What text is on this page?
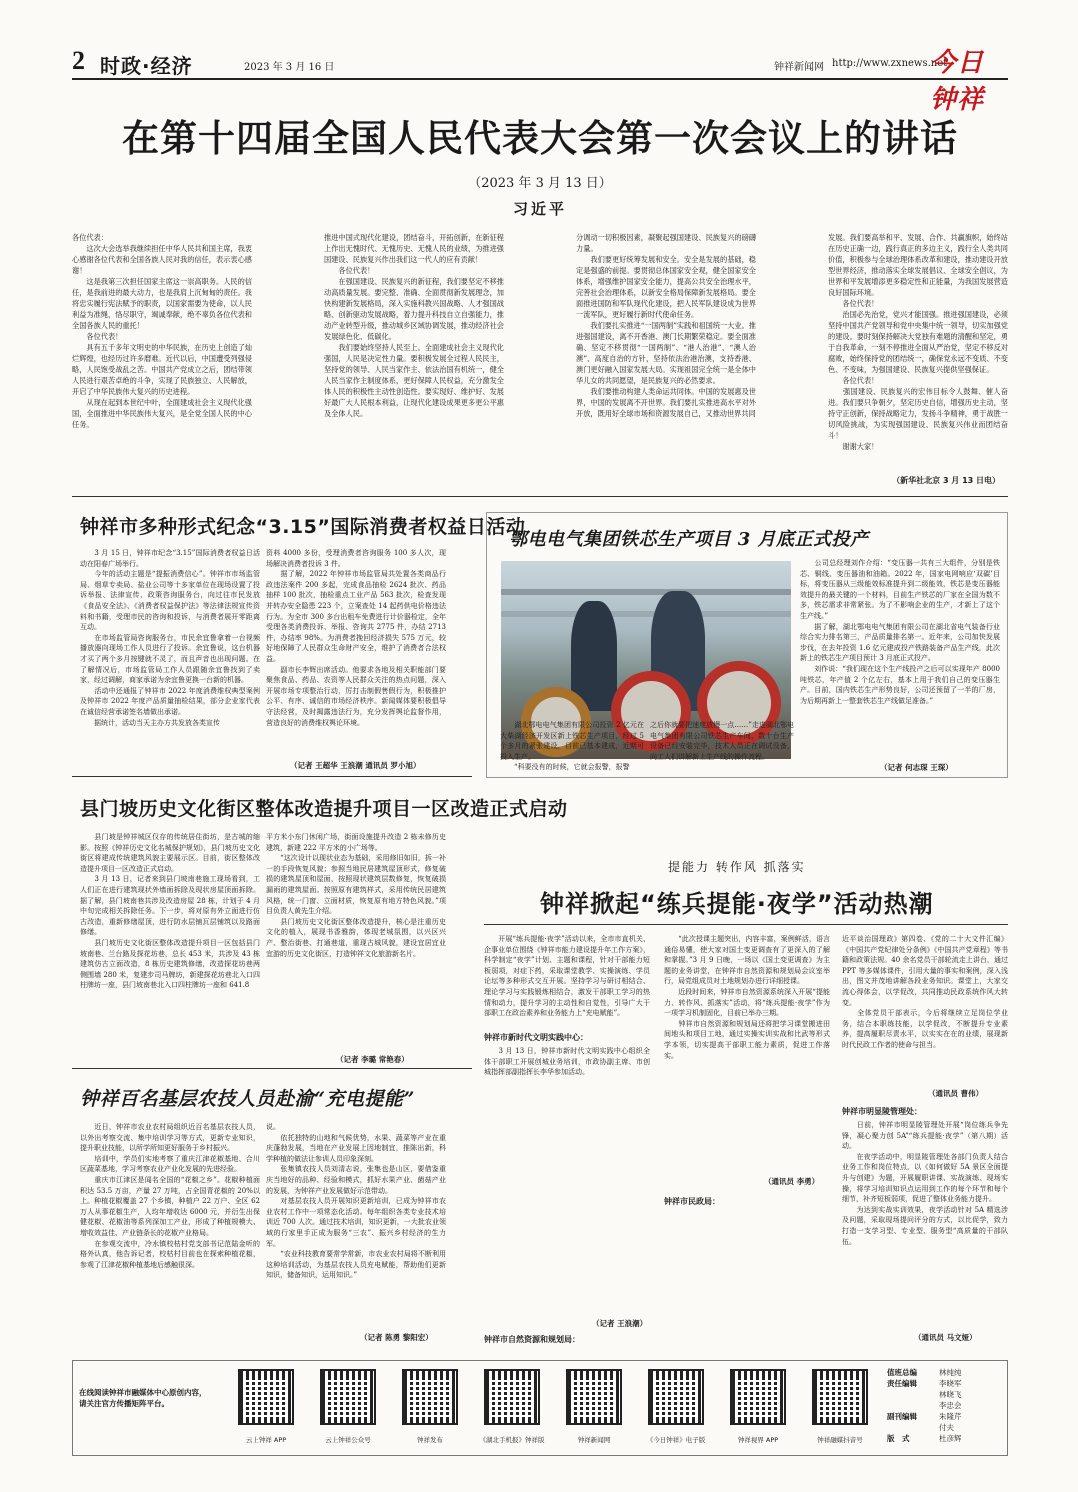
2 时政·经济	2023 年 3 月 16 日	钟祥新闻网 http://www.zxnews.net
今日钟祥
在第十四届全国人民代表大会第一次会议上的讲话
（2023 年 3 月 13 日）
习近平
各位代表：
　　这次大会选举我继续担任中华人民共和国主席，我衷心感谢各位代表和全国各族人民对我的信任，表示衷心感谢！
　　这是我第三次担任国家主席这一崇高职务。人民的信任，是我前进的最大动力，也是我肩上沉甸甸的责任。我将忠实履行宪法赋予的职责，以国家需要为使命，以人民利益为准绳，恪尽职守，竭诚奉献，绝不辜负各位代表和全国各族人民的重托！
　　各位代表！
　　具有五千多年文明史的中华民族，在历史上创造了灿烂辉煌，也经历过许多磨难。近代以后，中国遭受列强侵略，人民饱受战乱之苦。中国共产党成立之后，团结带领人民进行艰苦卓绝的斗争，实现了民族独立、人民解放，开启了中华民族伟大复兴的历史进程。
　　从现在起到本世纪中叶，全面建成社会主义现代化强国，全面推进中华民族伟大复兴，是全党全国人民的中心任务。
推进中国式现代化建设，团结奋斗，开拓创新，在新征程上作出无愧时代、无愧历史、无愧人民的业绩，为推进强国建设、民族复兴作出我们这一代人的应有贡献！
　　各位代表！
　　在强国建设、民族复兴的新征程，我们要坚定不移推动高质量发展。要完整、准确、全面贯彻新发展理念，加快构建新发展格局，深入实施科教兴国战略、人才强国战略、创新驱动发展战略，着力提升科技自立自强能力，推动产业转型升级，推动城乡区域协调发展，推动经济社会发展绿色化、低碳化。
　　我们要始终坚持人民至上。全面建成社会主义现代化强国，人民是决定性力量。要积极发展全过程人民民主，坚持党的领导、人民当家作主、依法治国有机统一，健全人民当家作主制度体系，更好保障人民权益，充分激发全体人民的积极性主动性创造性。要实现好、维护好、发展好最广大人民根本利益，让现代化建设成果更多更公平惠及全体人民。
分调动一切积极因素，凝聚起强国建设、民族复兴的磅礴力量。
　　我们要更好统筹发展和安全。安全是发展的基础，稳定是强盛的前提。要贯彻总体国家安全观，健全国家安全体系，增强维护国家安全能力，提高公共安全治理水平，完善社会治理体系，以新安全格局保障新发展格局。要全面推进国防和军队现代化建设，把人民军队建设成为世界一流军队，更好履行新时代使命任务。
　　我们要扎实推进“一国两制”实践和祖国统一大业。推进强国建设，离不开香港、澳门长期繁荣稳定。要全面准确、坚定不移贯彻“一国两制”、“港人治港”、“澳人治澳”、高度自治的方针，坚持依法治港治澳，支持香港、澳门更好融入国家发展大局。实现祖国完全统一是全体中华儿女的共同愿望，是民族复兴的必然要求。
　　我们要推动构建人类命运共同体。中国的发展惠及世界，中国的发展离不开世界。我们要扎实推进高水平对外开放，既用好全球市场和资源发展自己，又推动世界共同
发展。我们要高举和平、发展、合作、共赢旗帜，始终站在历史正确一边，践行真正的多边主义，践行全人类共同价值，积极参与全球治理体系改革和建设，推动建设开放型世界经济，推动落实全球发展倡议、全球安全倡议，为世界和平发展增添更多稳定性和正能量，为我国发展营造良好国际环境。
　　各位代表！
　　治国必先治党，党兴才能国强。推进强国建设，必须坚持中国共产党领导和党中央集中统一领导，切实加强党的建设。要时刻保持解决大党独有难题的清醒和坚定，勇于自我革命，一刻不停推进全面从严治党，坚定不移反对腐败，始终保持党的团结统一，确保党永远不变质、不变色、不变味，为强国建设、民族复兴提供坚强保证。
　　各位代表！
　　强国建设、民族复兴的宏伟目标令人鼓舞、催人奋进。我们要只争朝夕，坚定历史自信，增强历史主动，坚持守正创新，保持战略定力，发扬斗争精神，勇于战胜一切风险挑战，为实现强国建设、民族复兴伟业而团结奋斗！
　　谢谢大家！
（新华社北京 3 月 13 日电）
钟祥市多种形式纪念“3.15”国际消费者权益日活动
　　3 月 15 日，钟祥市纪念“3.15”国际消费者权益日活动在阳春广场举行。
　　今年的活动主题是“提振消费信心”。钟祥市市场监管局、烟草专卖局、盐业公司等十多家单位在现场设置了投诉举报、法律宣传、政策咨询服务台，向过往市民发放《食品安全法》、《消费者权益保护法》等法律法规宣传资料和书籍，受理市民的咨询和投诉，与消费者展开零距离互动。
　　在市场监管局咨询服务台，市民余宜鲁拿着一台视频播放器向现场工作人员进行了投诉。余宜鲁说，这台机器才买了两个多月按键就不灵了，而且声音也出现问题。在了解情况后，市场监管局工作人员跟随余宜鲁找到了卖家，经过调解，商家承诺为余宜鲁更换一台新的机器。
　　活动中还通报了钟祥市 2022 年度消费维权典型案例及钟祥市 2022 年度产品质量抽检结果，部分企业家代表在诚信经营承诺签名墙做出承诺。
　　据统计，活动当天主办方共发放各类宣传
资料 4000 多份，受理消费者咨询服务 100 多人次，现场解决消费者投诉 3 件。
　　据了解，2022 年钟祥市场监管局共处置各类商品行政违法案件 200 多起，完成食品抽检 2624 批次、药品抽样 100 批次，抽检重点工业产品 563 批次，检查发现并转办安全隐患 223 个，立案查处 14 起药供电价格违法行为。为全市 300 多台出租车免费进行计价器检定，全年受理各类消费投诉、举报、咨询共 2775 件，办结 2713 件，办结率 98%。为消费者挽回经济损失 575 万元，较好地保障了人民群众生命财产安全，维护了消费者合法权益。
　　副市长李辉出席活动。他要求各地及相关职能部门要聚焦食品、药品、农资等人民群众关注的热点问题，深入开展市场专项整治行动，厉打击制假售假行为，积极推护公平、有序、诚信的市场经济秩序。新闻媒体要积极倡导守法经营，及时揭露违法行为，充分发挥舆论监督作用，营造良好的消费维权舆论环境。
（记者 王超华 王浪潮 通讯员 罗小旭）
县门坡历史文化街区整体改造提升项目一区改造正式启动
　　县门坡是钟祥城区仅存的传统居住街坊，是古城的缩影。按照《钟祥历史文化名城保护规划》，县门坡历史文化街区将建成传统建筑风貌主要展示区。目前，街区整体改造提升项目一区改造正式启动。
　　3 月 13 日，记者来到县门坡南巷施工现场看到，工人们正在进行建筑现状外墙面拆除及现状房屋顶面拆除。据了解，县门坡南巷共涉及改造房屋 28 栋，计划于 4 月中旬完成相关拆除任务。下一步，将对原有外立面进行仿古改造，重新修缮屋顶，进行防水层铺瓦层铺筑以及路面修缮。
　　县门坡历史文化街区整体改造提升项目一区包括县门坡南巷、兰台路及探花坊巷，总长 453 米，共涉及 43 栋建筑仿古立面改造，8 栋历史建筑修缮，改造探花坊巷两侧围墙 280 米，复建步司马牌坊，新建探花坊巷北入口四柱牌坊一座，县门坡南巷北入口四柱牌坊一座和 641.8
平方米小东门休闲广场，街面设施提升改造 2 栋未修历史建筑，新建 222 平方米的小广场等。
　　“这次设计以现状业态为基础，采用修旧如旧，拆一补一的手段恢复风貌；参照当地民居建筑屋顶形式，修复破损的建筑屋顶和屋面，按照现状建筑层数修复，恢复破损漏雨的建筑屋面。按照原有建筑样式，采用传统民居建筑风格，统一门窗、立面材质，恢复原有地方特色风貌。”项目负责人黄先生介绍。
　　县门坡历史文化街区整体改造提升，核心是注重历史文化的植入，展现书香雅韵，体现老城氛围，以兴区兴产、整治街巷、打通巷道，重现古城风貌，建设宜居宜业宜游的历史文化街区，打造钟祥文化旅游新名片。
（记者 李璐 常艳春）
钟祥百名基层农技人员赴渝“充电提能”
　　近日，钟祥市农业农村局组织近百名基层农技人员，以外出考察交流、集中培训学习等方式，更新专业知识，提升职业技能，以所学所知更好服务于乡村振兴。
　　培训中，学员们实地考察了重庆江津花椒基地、合川区蔬菜基地，学习考察农业产业化发展的先进经验。
　　重庆市江津区是闻名全国的“花椒之乡”。花椒种植面积达 53.5 万亩，产量 27 万吨，占全国青花椒的 20%以上。种植花椒覆盖 27 个乡镇，种植户 22 万户、全区 62 万人从事花椒生产，人均年增收达 6000 元，并衍生出保健花椒、花椒油等系列深加工产业，形成了种植规模大、增收效益佳、产业链条长的花椒产业格局。
　　在参观交流中，冷水镇校枯村党支部书记范陆金听的格外认真，他告诉记者，校枯村目前也在探索种植花椒，参观了江津花椒种植基地后感触很深。
说。
　　依托独特的山地和气候优势，水果、蔬菜等产业在重庆蓬勃发展，当地在产业发展上因地制宜，推陈出新，科学种植的做法让参训人员印象深刻。
　　张集镇农技人员刘清志说，张集也是山区，要借鉴重庆当地好的品种、经验和模式，抓好水果产业、菌菇产业的发展，为钟祥产业发展做好示范带动。
　　对基层农技人员开展知识更新培训，已成为钟祥市农业农村工作中一项常态化活动。每年组织各类专业技术培训近 700 人次。通过技术培训，知识更新，一大批农业领域的行家里手正成为服务“三农”、振兴乡村经济的生力军。
　　“农业科技教育要常学常新，市农业农村局将不断利用这种培训活动，为基层农技人员充电赋能，帮助他们更新知识，储备知识，运用知识。”
（记者 陈勇 黎阳宏）
鄂电电气集团铁芯生产项目 3 月底正式投产
　　湖北鄂电电气集团有限公司投资 2 亿元在大柴湖经济开发区新上铁芯生产项目，经过 5 个多月的紧张建设，目前已基本建成，近期可投入生产。
　　“科要没有的时候，它就会报警，报警
之后你就要把速度放慢一点……”走进湖北鄂电电气集团有限公司铁芯生产车间，数十台生产设备已经安装完毕，技术人员正在调试设备，向工人们讲解新上生产线的操作流程。
　　公司总经理刘作介绍：“变压器一共有三大组件，分别是铁芯、铜线、变压器油和油箱。2022 年，国家电网响应‘双碳’目标，将变压器从三级能效标准提升到二级能效，铁芯是变压器能效提升的最关键的一个材料，目前生产铁芯的厂家在全国为数不多，铁芯需求非常紧张。为了不影响企业的生产，才新上了这个生产线。”
　　据了解，湖北鄂电电气集团有限公司在湖北省电气装备行业综合实力排名第三，产品质量排名第一。近年来，公司加快发展步伐，在去年投资 1.6 亿元建成投产铁路装备产品生产线，此次新上的铁芯生产项目预计 3 月底正式投产。
　　刘作说：“我们现在这个生产线投产之后可以实现年产 8000 吨铁芯，年产值 2 个亿左右，基本上用于我们自己的变压器生产。目前，国内铁芯生产形势良好，公司还预留了一半的厂房，为后期再新上一整套铁芯生产线做足准备。”
（记者 何志琛 王琛）
提能力 转作风 抓落实
钟祥掀起“练兵提能·夜学”活动热潮
　　开展“练兵提能·夜学”活动以来，全市市直机关、企事业单位围绕《钟祥市能力建设提升年工作方案》，科学制定“夜学”计划、主题和课程，针对干部能力短板弱项，对症下药，采取课堂教学、实操演练、学员论坛等多种形式交互开展。坚持学习与研讨相结合、理论学习与实践锻炼相结合，激发干部职工学习的热情和动力，提升学习的主动性和自觉性，引导广大干部职工在政治素养和业务能力上“充电赋能”。
钟祥市新时代文明实践中心：
　　3 月 13 日，钟祥市新时代文明实践中心组织全体干部职工开展创城业务培训，市政协副主席、市创城指挥部副指挥长李华参加活动。
（记者 王浪潮）
钟祥市自然资源和规划局：
　　“此次授课主题突出，内容丰富，案例鲜活，语言通俗易懂，使大家对国土变更调查有了更深入的了解和掌握。”3 月 9 日晚，一场以《国土变更调查》为主题的业务讲堂，在钟祥市自然资源和规划局会议室举行，局党组成员对土地规划办进行详细授课。
　　近段时间来，钟祥市自然资源系统深入开展“提能力、转作风、抓落实”活动，将“练兵提能·夜学”作为一项学习机制固化，目前已举办三期。
　　钟祥市自然资源和规划局还将把学习课堂搬进田间地头和项目工地，通过实操实训实战和比武等形式学本领，切实提高干部职工能力素质，促进工作落实。
（通讯员 李勇）
钟祥市民政局：
近平谈治国理政》第四卷、《党的二十大文件汇编》《中国共产党纪律处分条例》《中国共产党章程》等书籍和政策法规。40 余名党员干部轮流走上讲台，通过 PPT 等多媒体课件，引用大量的事实和案例，深入浅出，图文并茂地讲解各段业务知识。课堂上，大家交流心得体会，以学促改，共同推动民政系统作风大转变。
　　全体党员干部表示，今后将继续立足岗位学业务，结合本职练技能，以学促改，不断提升专业素养，提高履职尽责水平，以实实在在的业绩，展现新时代民政工作者的使命与担当。
（通讯员 曹伟）
钟祥市明显陵管理处：
　　日前，钟祥市明显陵管理处开展“岗位练兵争先锋，凝心聚力创 5A”“练兵提能·夜学”（第八期）活动。
　　在夜学活动中，明显陵管理处各部门负责人结合业务工作和岗位特点，以《如何做好 5A 景区全面提升与创建》为题，开展履职讲课、实战演练、现场实操，将学习培训知识点运用到工作的每个环节和每个细节，补齐短板弱项，促进了整体业务能力提升。
　　为达到实战实训效果，夜学活动针对 5A 精选涉及问题，采取现场提问评分的方式，以比促学，致力打造一支学习型、专业型、服务型“高质量的干部队伍。
（通讯员 马文娅）
在线阅读钟祥市融媒体中心原创内容，请关注官方传播矩阵平台。
云上钟祥 APP	云上钟祥公众号	钟祥发布	《湖北手机报》钟祥版	钟祥新闻网	《今日钟祥》电子版	钟祥视界 APP	钟祥融媒抖音号
值班总编	林纯纯
责任编辑	李晓军
林晓飞
李忠会
副刊编辑	朱隆芹
付夫
版　式	杜彦辉
